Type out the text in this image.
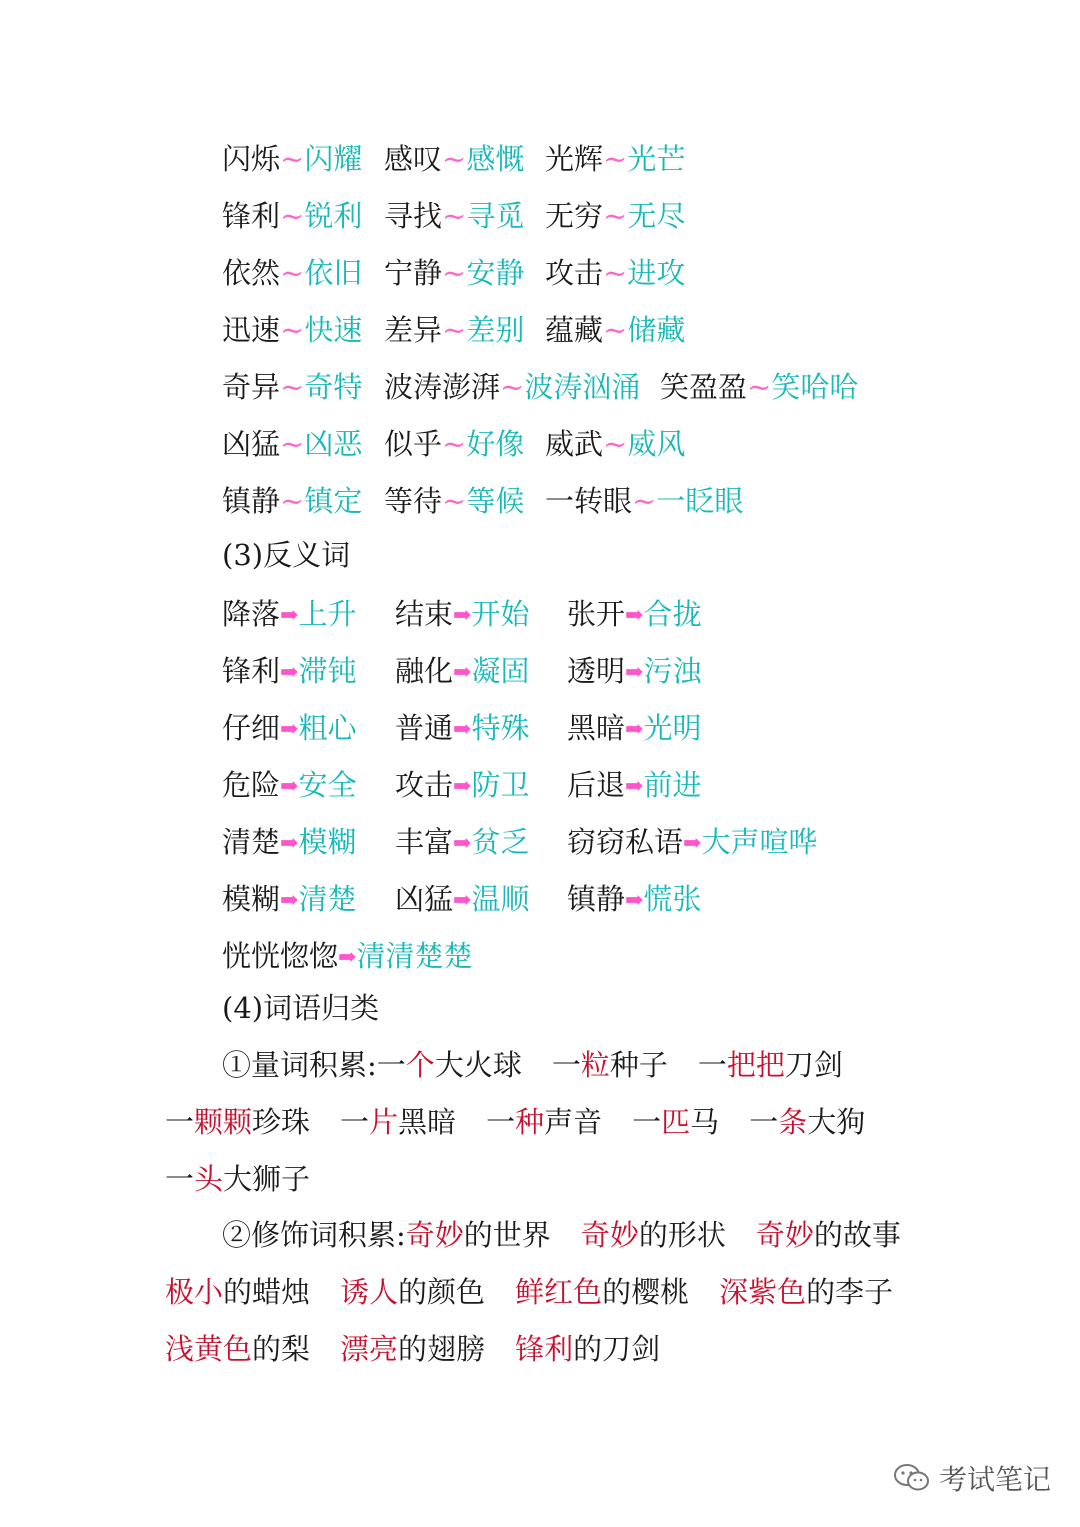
闪烁~闪耀 感叹~感慨 光辉~光芒
锋利~锐利 寻找~寻觅 无穷~无尽
依然~依旧 宁静~安静 攻击~进攻
迅速~快速 差异~差别 蕴藏~储藏
奇异~奇特 波涛澎湃~波涛汹涌 笑盈盈~笑哈哈
凶猛~凶恶 似乎~好像 威武~威风
镇静~镇定 等待~等候 一转眼~一眨眼
(3)反义词
降落➡上升 结束➡开始 张开➡合拢
锋利➡滞钝 融化➡凝固 透明➡污浊
仔细➡粗心 普通➡特殊 黑暗➡光明
危险➡安全 攻击➡防卫 后退➡前进
清楚➡模糊 丰富➡贫乏 窃窃私语➡大声喧哗
模糊➡清楚 凶猛➡温顺 镇静➡慌张
恍恍惚惚➡清清楚楚
(4)词语归类
①量词积累:一个大火球 一粒种子 一把把刀剑
一颗颗珍珠 一片黑暗 一种声音 一匹马 一条大狗
一头大狮子
②修饰词积累:奇妙的世界 奇妙的形状 奇妙的故事
极小的蜡烛 诱人的颜色 鲜红色的樱桃 深紫色的李子
浅黄色的梨 漂亮的翅膀 锋利的刀剑
考试笔记
